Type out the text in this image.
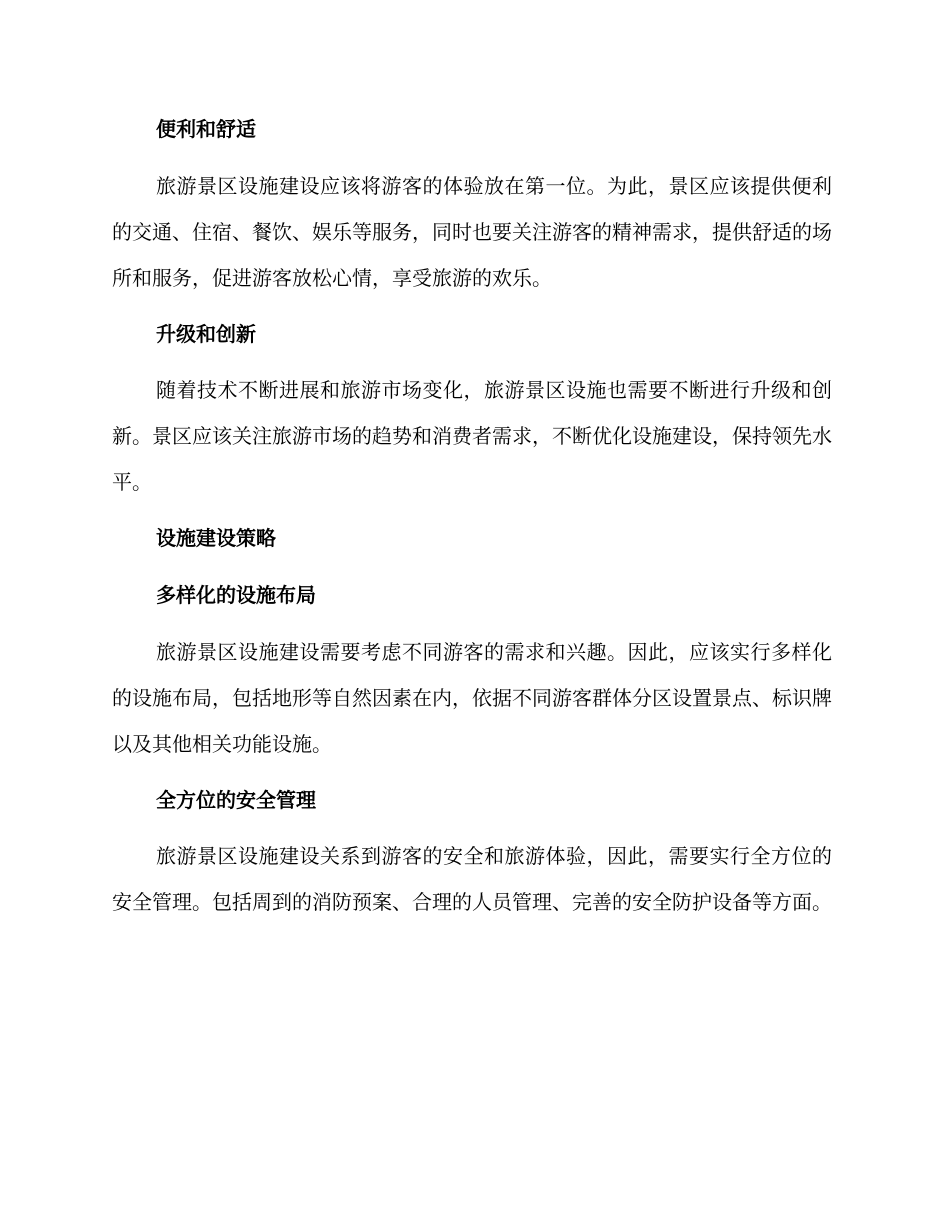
便利和舒适

旅游景区设施建设应该将游客的体验放在第一位。为此，景区应该提供便利的交通、住宿、餐饮、娱乐等服务，同时也要关注游客的精神需求，提供舒适的场所和服务，促进游客放松心情，享受旅游的欢乐。

升级和创新

随着技术不断进展和旅游市场变化，旅游景区设施也需要不断进行升级和创新。景区应该关注旅游市场的趋势和消费者需求，不断优化设施建设，保持领先水平。

设施建设策略
多样化的设施布局

旅游景区设施建设需要考虑不同游客的需求和兴趣。因此，应该实行多样化的设施布局，包括地形等自然因素在内，依据不同游客群体分区设置景点、标识牌以及其他相关功能设施。

全方位的安全管理

旅游景区设施建设关系到游客的安全和旅游体验，因此，需要实行全方位的安全管理。包括周到的消防预案、合理的人员管理、完善的安全防护设备等方面。
